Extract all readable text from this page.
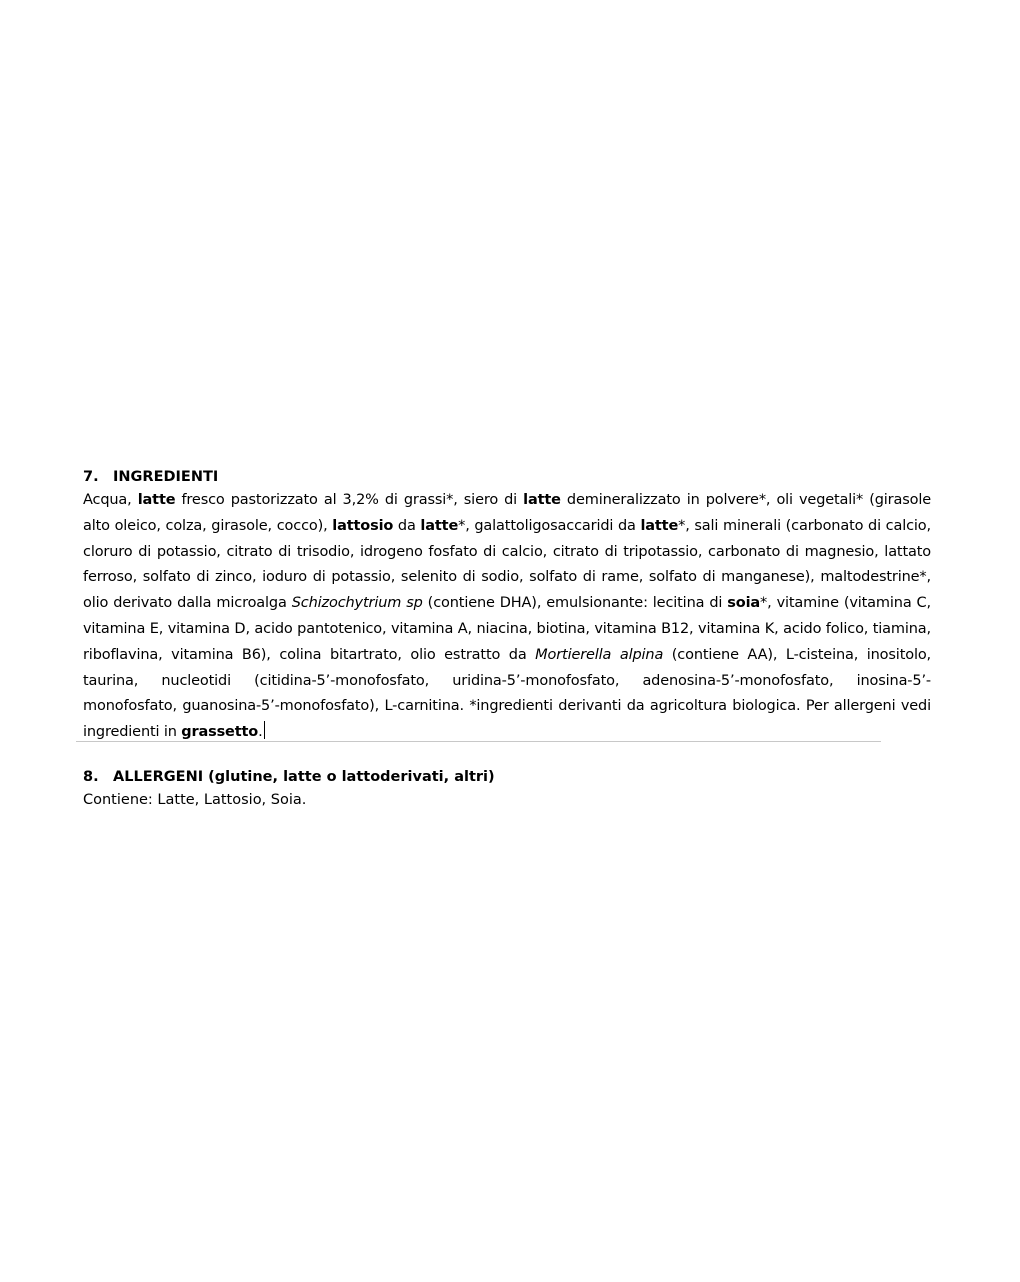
7. INGREDIENTI
Acqua, latte fresco pastorizzato al 3,2% di grassi*, siero di latte demineralizzato in polvere*, oli vegetali* (girasole alto oleico, colza, girasole, cocco), lattosio da latte*, galattoligosaccaridi da latte*, sali minerali (carbonato di calcio, cloruro di potassio, citrato di trisodio, idrogeno fosfato di calcio, citrato di tripotassio, carbonato di magnesio, lattato ferroso, solfato di zinco, ioduro di potassio, selenito di sodio, solfato di rame, solfato di manganese), maltodestrine*, olio derivato dalla microalga Schizochytrium sp (contiene DHA), emulsionante: lecitina di soia*, vitamine (vitamina C, vitamina E, vitamina D, acido pantotenico, vitamina A, niacina, biotina, vitamina B12, vitamina K, acido folico, tiamina, riboflavina, vitamina B6), colina bitartrato, olio estratto da Mortierella alpina (contiene AA), L-cisteina, inositolo, taurina, nucleotidi (citidina-5’-monofosfato, uridina-5’-monofosfato, adenosina-5’-monofosfato, inosina-5’-monofosfato, guanosina-5’-monofosfato), L-carnitina. *ingredienti derivanti da agricoltura biologica. Per allergeni vedi ingredienti in grassetto.
8. ALLERGENI (glutine, latte o lattoderivati, altri)
Contiene: Latte, Lattosio, Soia.
